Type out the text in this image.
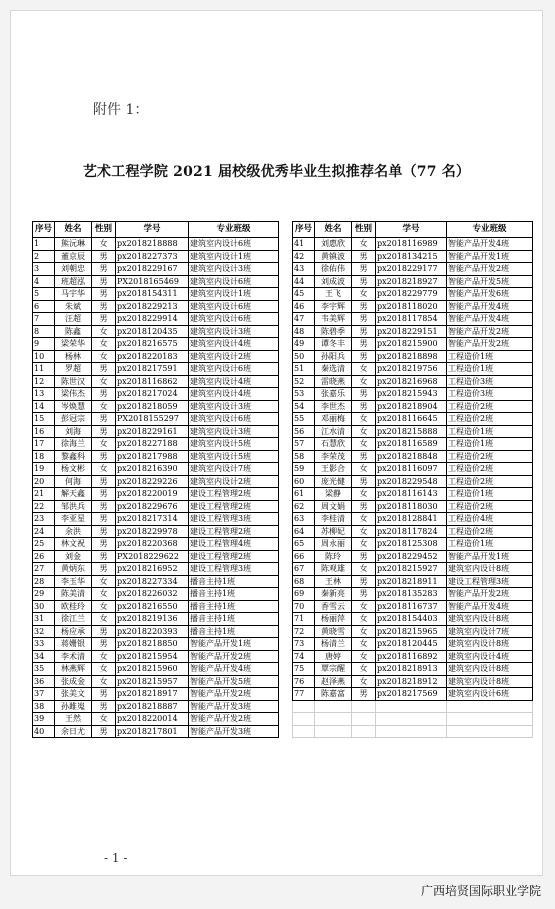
附件 1：
艺术工程学院 2021 届校级优秀毕业生拟推荐名单（77 名）
序号	姓名	性别	学号	专业班级
1	熊沅琳	女	px2018218888	建筑室内设计6班
2	董京辰	男	px2018227373	建筑室内设计1班
3	刘朝忠	男	px2018229167	建筑室内设计3班
4	班超泓	男	PX2018165469	建筑室内设计6班
5	马宇华	男	px2018154311	建筑室内设计1班
6	朱斌	男	px2018229213	建筑室内设计6班
7	汪超	男	px2018229914	建筑室内设计6班
8	陈鑫	女	px2018120435	建筑室内设计3班
9	梁荣华	女	px2018216575	建筑室内设计4班
10	杨林	女	px2018220183	建筑室内设计2班
11	罗超	男	px2018217591	建筑室内设计6班
12	陈世汉	女	px2018116862	建筑室内设计4班
13	梁伟杰	男	px2018217024	建筑室内设计4班
14	岑焕慧	女	px2018218059	建筑室内设计3班
15	彭冠宗	男	PX2018155297	建筑室内设计6班
16	刘海	男	px2018229161	建筑室内设计3班
17	徐海兰	女	px2018227188	建筑室内设计5班
18	黎鑫科	男	px2018217988	建筑室内设计5班
19	杨文彬	女	px2018216390	建筑室内设计7班
20	何海	男	px2018229226	建筑室内设计2班
21	解天鑫	男	px2018220019	建设工程管理2班
22	邹洪兵	男	px2018229676	建设工程管理2班
23	李亚星	男	px2018217314	建设工程管理3班
24	余洪	男	px2018229978	建设工程管理2班
25	林文祝	男	px2018220368	建设工程管理4班
26	刘金	男	PX2018229622	建设工程管理2班
27	黄炳东	男	px2018216952	建设工程管理3班
28	李玉华	女	px2018227334	播音主持1班
29	陈美清	女	px2018226032	播音主持1班
30	欧桂玲	女	px2018216550	播音主持1班
31	徐江兰	女	px2018219136	播音主持1班
32	杨应承	男	px2018220393	播音主持1班
33	蒋姗银	男	px2018218850	智能产品开发1班
34	李术清	女	px2018215954	智能产品开发2班
35	林燕辉	女	px2018215960	智能产品开发4班
36	张成金	女	px2018215957	智能产品开发5班
37	张美文	男	px2018218917	智能产品开发2班
38	孙雎嵬	男	px2018218887	智能产品开发3班
39	王然	女	px2018220014	智能产品开发2班
40	余日尤	男	px2018217801	智能产品开发3班
序号	姓名	性别	学号	专业班级
41	刘惠欣	女	px2018116989	智能产品开发4班
42	黄镇波	男	px2018134215	智能产品开发1班
43	徐佑伟	男	px2018229177	智能产品开发2班
44	刘成波	男	px2018218927	智能产品开发5班
45	王飞	女	px2018229779	智能产品开发6班
46	李宇辉	男	px2018118020	智能产品开发4班
47	韦美辉	男	px2018117854	智能产品开发4班
48	陈碧季	男	px2018229151	智能产品开发2班
49	谭冬丰	男	px2018215900	智能产品开发2班
50	孙阳兵	男	px2018218898	工程造价1班
51	秦选清	女	px2018219756	工程造价1班
52	雷晓燕	女	px2018216968	工程造价3班
53	张嘉乐	男	px2018215943	工程造价3班
54	李世杰	男	px2018218904	工程造价2班
55	邓丽梅	女	px2018116645	工程造价2班
56	江水清	女	px2018215888	工程造价1班
57	石慧欣	女	px2018116589	工程造价1班
58	李荣茂	男	px2018218848	工程造价2班
59	王影合	女	px2018116097	工程造价2班
60	庞光健	男	px2018229548	工程造价2班
61	梁静	女	px2018116143	工程造价1班
62	周文娟	男	px2018118030	工程造价2班
63	李桂清	女	px2018128841	工程造价4班
64	苏柳妃	女	px2018117824	工程造价2班
65	周永丽	女	px2018125308	工程造价1班
66	陈玲	男	px2018229452	智能产品开发1班
67	陈观雄	女	px2018215927	建筑室内设计8班
68	王林	男	px2018218911	建设工程管理3班
69	秦新亮	男	px2018135283	智能产品开发2班
70	香雪云	女	px2018116737	智能产品开发4班
71	杨丽萍	女	px2018154403	建筑室内设计8班
72	黄晓雪	女	px2018215965	建筑室内设计7班
73	杨清兰	女	px2018120445	建筑室内设计8班
74	唐婷	女	px2018116892	建筑室内设计4班
75	覃宗醒	女	px2018218913	建筑室内设计8班
76	赵泽燕	女	px2018218912	建筑室内设计8班
77	陈嘉富	男	px2018217569	建筑室内设计6班

- 1 -
广西培贤国际职业学院
